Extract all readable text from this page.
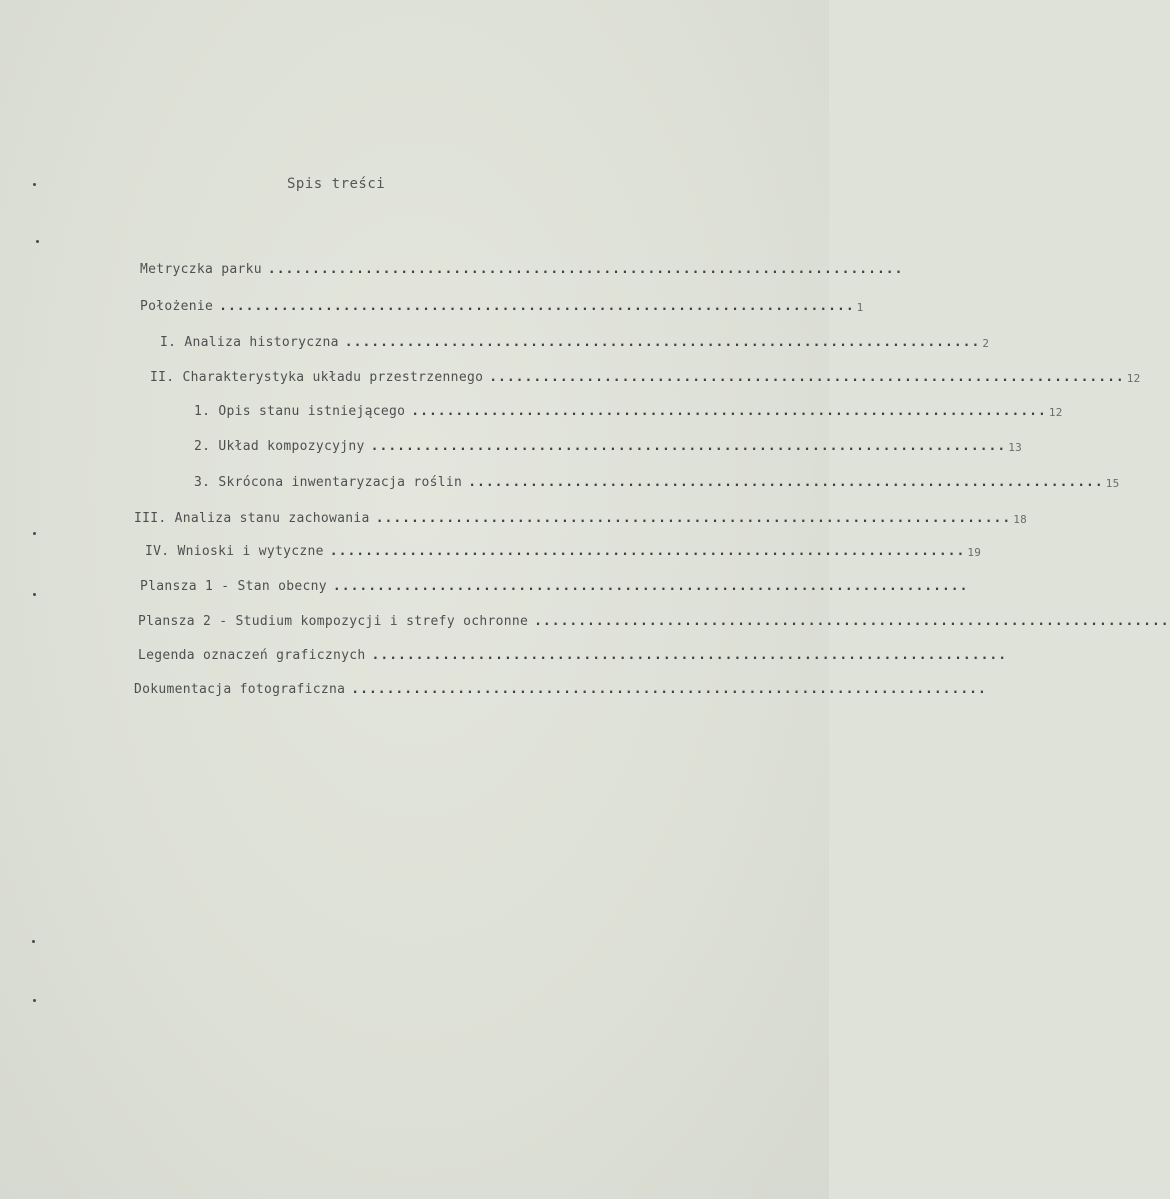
Spis treści
Metryczka parku ........................................................................
Położenie ........................................................................ 1
I. Analiza historyczna ........................................................................ 2
II. Charakterystyka układu przestrzennego ........................................................................ 12
1. Opis stanu istniejącego ........................................................................ 12
2. Układ kompozycyjny ........................................................................ 13
3. Skrócona inwentaryzacja roślin ........................................................................ 15
III. Analiza stanu zachowania ........................................................................ 18
IV. Wnioski i wytyczne ........................................................................ 19
Plansza 1 - Stan obecny ........................................................................
Plansza 2 - Studium kompozycji i strefy ochronne ........................................................................
Legenda oznaczeń graficznych ........................................................................
Dokumentacja fotograficzna ........................................................................
